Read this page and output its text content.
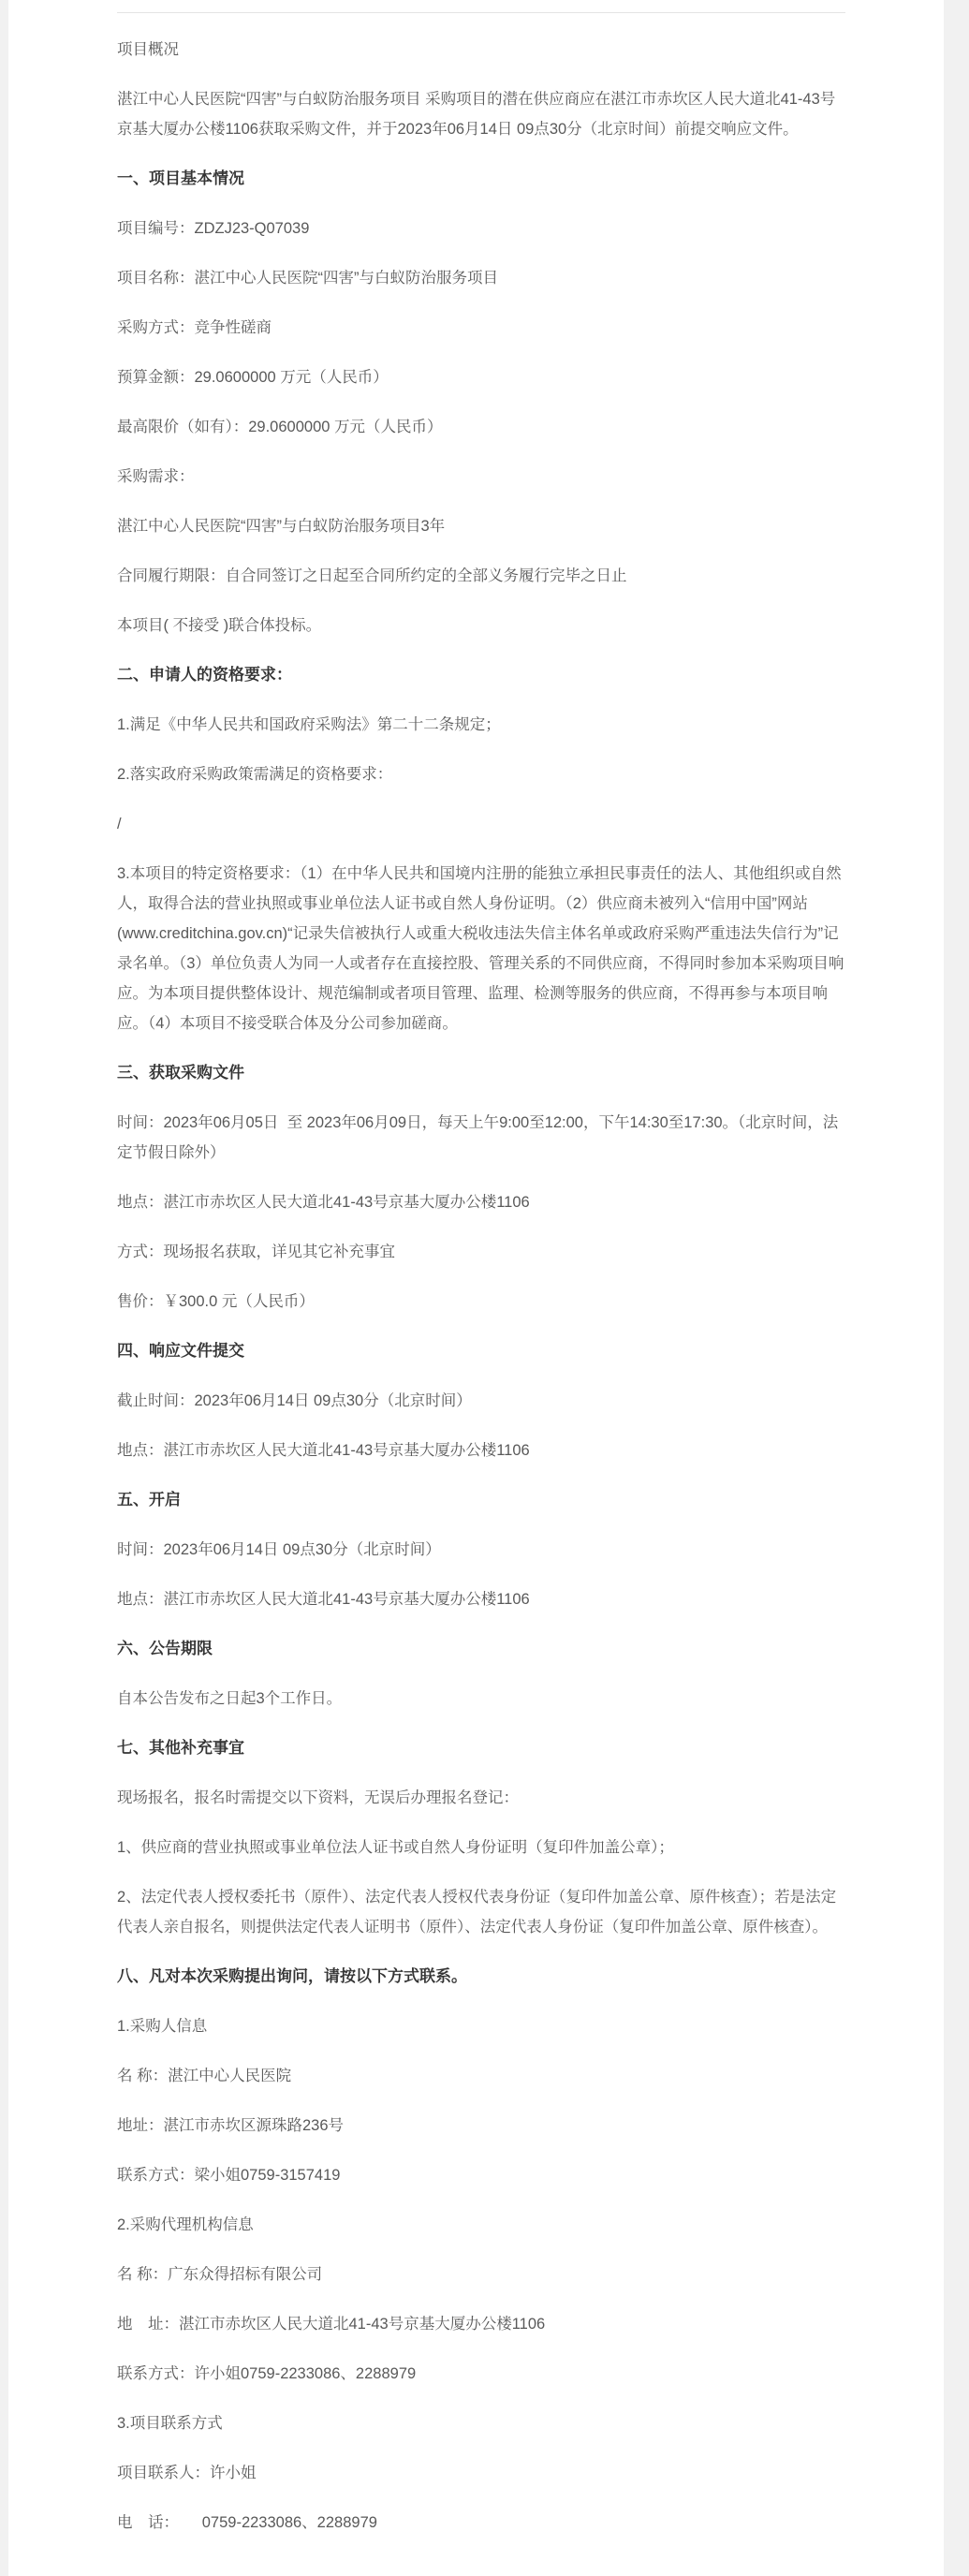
项目概况

湛江中心人民医院“四害”与白蚁防治服务项目 采购项目的潜在供应商应在湛江市赤坎区人民大道北41-43号京基大厦办公楼1106获取采购文件，并于2023年06月14日 09点30分（北京时间）前提交响应文件。

一、项目基本情况

项目编号：ZDZJ23-Q07039

项目名称：湛江中心人民医院“四害”与白蚁防治服务项目

采购方式：竞争性磋商

预算金额：29.0600000 万元（人民币）

最高限价（如有）：29.0600000 万元（人民币）

采购需求：

湛江中心人民医院“四害”与白蚁防治服务项目3年

合同履行期限：自合同签订之日起至合同所约定的全部义务履行完毕之日止

本项目( 不接受 )联合体投标。

二、申请人的资格要求：

1.满足《中华人民共和国政府采购法》第二十二条规定；

2.落实政府采购政策需满足的资格要求：

/

3.本项目的特定资格要求：（1）在中华人民共和国境内注册的能独立承担民事责任的法人、其他组织或自然人，取得合法的营业执照或事业单位法人证书或自然人身份证明。（2）供应商未被列入“信用中国”网站(www.creditchina.gov.cn)“记录失信被执行人或重大税收违法失信主体名单或政府采购严重违法失信行为”记录名单。（3）单位负责人为同一人或者存在直接控股、管理关系的不同供应商，不得同时参加本采购项目响应。为本项目提供整体设计、规范编制或者项目管理、监理、检测等服务的供应商，不得再参与本项目响应。（4）本项目不接受联合体及分公司参加磋商。

三、获取采购文件

时间：2023年06月05日  至 2023年06月09日，每天上午9:00至12:00，下午14:30至17:30。（北京时间，法定节假日除外）

地点：湛江市赤坎区人民大道北41-43号京基大厦办公楼1106

方式：现场报名获取，详见其它补充事宜

售价：￥300.0 元（人民币）

四、响应文件提交

截止时间：2023年06月14日 09点30分（北京时间）

地点：湛江市赤坎区人民大道北41-43号京基大厦办公楼1106

五、开启

时间：2023年06月14日 09点30分（北京时间）

地点：湛江市赤坎区人民大道北41-43号京基大厦办公楼1106

六、公告期限

自本公告发布之日起3个工作日。

七、其他补充事宜

现场报名，报名时需提交以下资料，无误后办理报名登记：

1、供应商的营业执照或事业单位法人证书或自然人身份证明（复印件加盖公章）；

2、法定代表人授权委托书（原件）、法定代表人授权代表身份证（复印件加盖公章、原件核查）；若是法定代表人亲自报名，则提供法定代表人证明书（原件）、法定代表人身份证（复印件加盖公章、原件核查）。

八、凡对本次采购提出询问，请按以下方式联系。

1.采购人信息

名 称：湛江中心人民医院

地址：湛江市赤坎区源珠路236号

联系方式：梁小姐0759-3157419

2.采购代理机构信息

名 称：广东众得招标有限公司

地　址：湛江市赤坎区人民大道北41-43号京基大厦办公楼1106

联系方式：许小姐0759-2233086、2288979

3.项目联系方式

项目联系人：许小姐

电　话：　　0759-2233086、2288979
